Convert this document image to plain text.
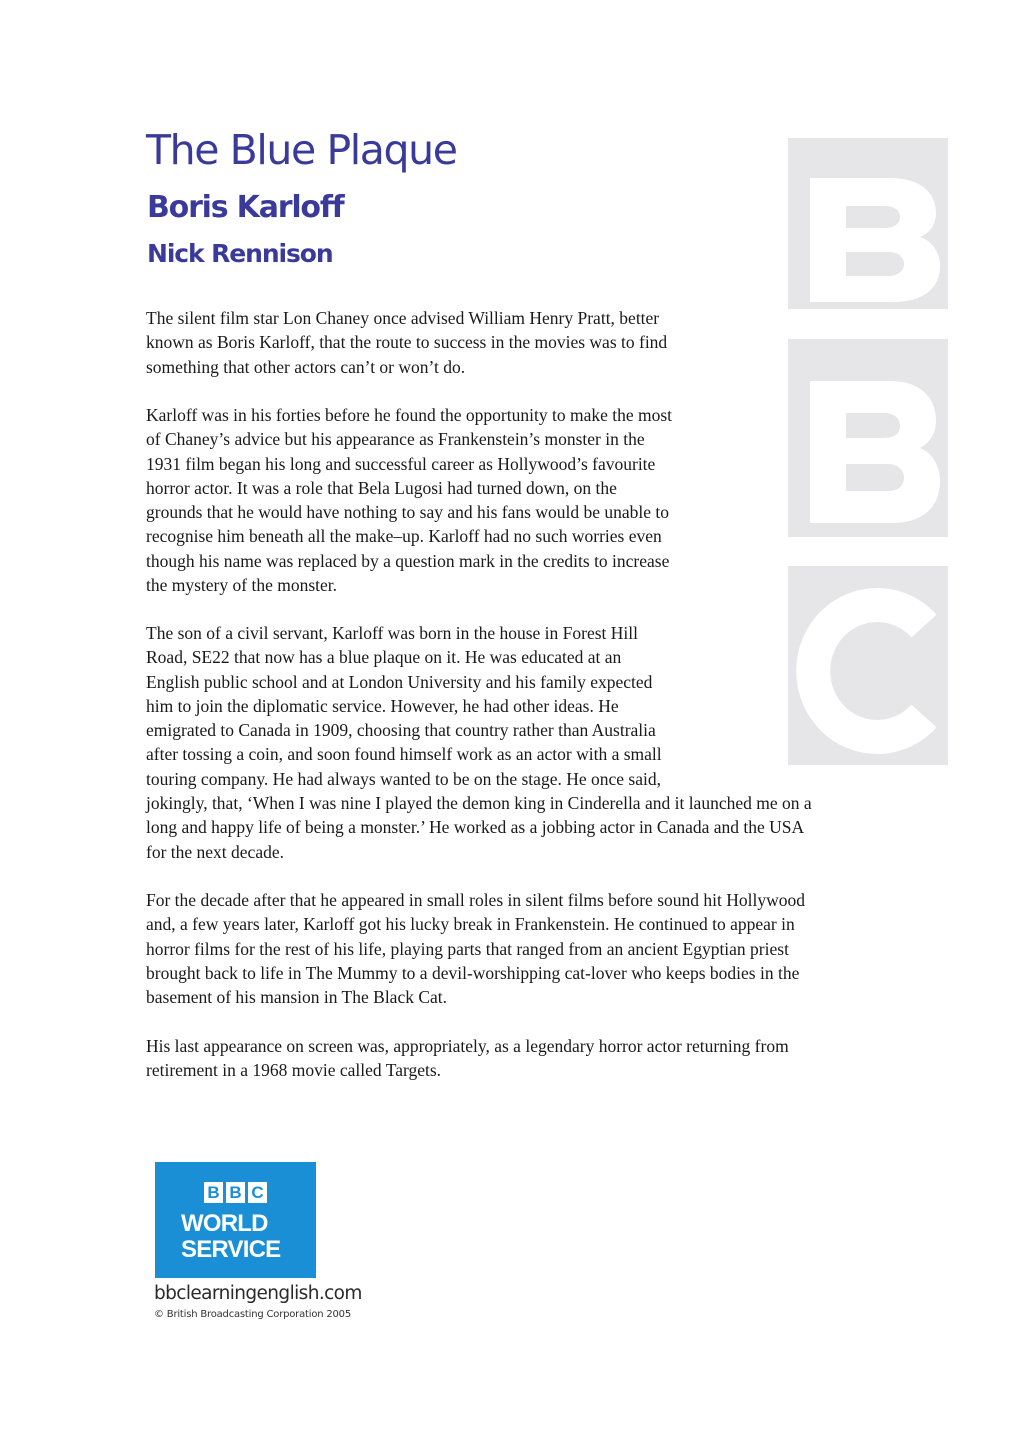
The Blue Plaque
Boris Karloff
Nick Rennison

The silent film star Lon Chaney once advised William Henry Pratt, better
known as Boris Karloff, that the route to success in the movies was to find
something that other actors can’t or won’t do.

Karloff was in his forties before he found the opportunity to make the most
of Chaney’s advice but his appearance as Frankenstein’s monster in the
1931 film began his long and successful career as Hollywood’s favourite
horror actor. It was a role that Bela Lugosi had turned down, on the
grounds that he would have nothing to say and his fans would be unable to
recognise him beneath all the make–up. Karloff had no such worries even
though his name was replaced by a question mark in the credits to increase
the mystery of the monster.

The son of a civil servant, Karloff was born in the house in Forest Hill
Road, SE22 that now has a blue plaque on it. He was educated at an
English public school and at London University and his family expected
him to join the diplomatic service. However, he had other ideas. He
emigrated to Canada in 1909, choosing that country rather than Australia
after tossing a coin, and soon found himself work as an actor with a small
touring company. He had always wanted to be on the stage. He once said,
jokingly, that, ‘When I was nine I played the demon king in Cinderella and it launched me on a
long and happy life of being a monster.’ He worked as a jobbing actor in Canada and the USA
for the next decade.

For the decade after that he appeared in small roles in silent films before sound hit Hollywood
and, a few years later, Karloff got his lucky break in Frankenstein. He continued to appear in
horror films for the rest of his life, playing parts that ranged from an ancient Egyptian priest
brought back to life in The Mummy to a devil-worshipping cat-lover who keeps bodies in the
basement of his mansion in The Black Cat.

His last appearance on screen was, appropriately, as a legendary horror actor returning from
retirement in a 1968 movie called Targets.

B B C
WORLD
SERVICE
bbclearningenglish.com
© British Broadcasting Corporation 2005
